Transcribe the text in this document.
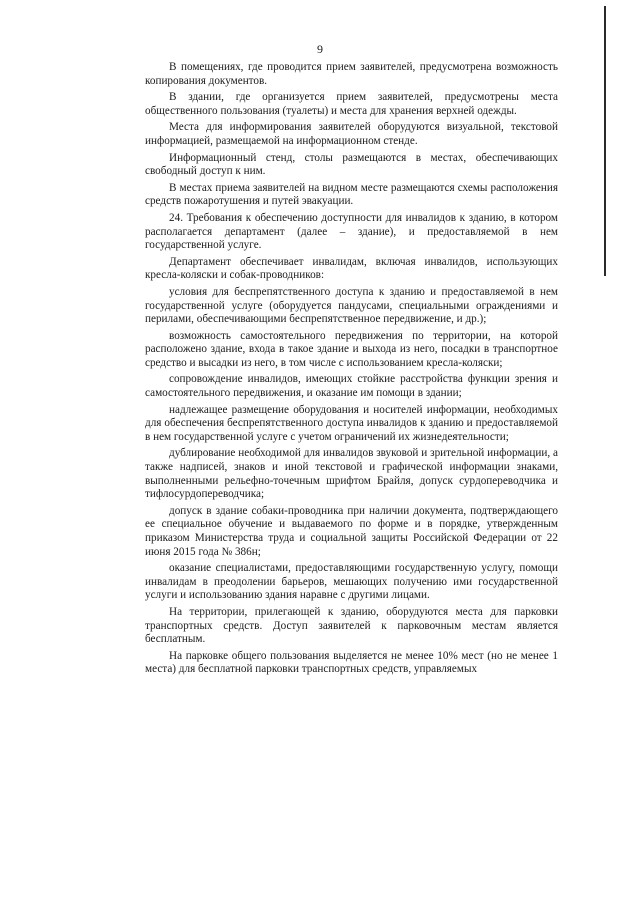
9

В помещениях, где проводится прием заявителей, предусмотрена возможность копирования документов.

В здании, где организуется прием заявителей, предусмотрены места общественного пользования (туалеты) и места для хранения верхней одежды.

Места для информирования заявителей оборудуются визуальной, текстовой информацией, размещаемой на информационном стенде.

Информационный стенд, столы размещаются в местах, обеспечивающих свободный доступ к ним.

В местах приема заявителей на видном месте размещаются схемы расположения средств пожаротушения и путей эвакуации.

24. Требования к обеспечению доступности для инвалидов к зданию, в котором располагается департамент (далее – здание), и предоставляемой в нем государственной услуге.

Департамент обеспечивает инвалидам, включая инвалидов, использующих кресла-коляски и собак-проводников:

условия для беспрепятственного доступа к зданию и предоставляемой в нем государственной услуге (оборудуется пандусами, специальными ограждениями и перилами, обеспечивающими беспрепятственное передвижение, и др.);

возможность самостоятельного передвижения по территории, на которой расположено здание, входа в такое здание и выхода из него, посадки в транспортное средство и высадки из него, в том числе с использованием кресла-коляски;

сопровождение инвалидов, имеющих стойкие расстройства функции зрения и самостоятельного передвижения, и оказание им помощи в здании;

надлежащее размещение оборудования и носителей информации, необходимых для обеспечения беспрепятственного доступа инвалидов к зданию и предоставляемой в нем государственной услуге с учетом ограничений их жизнедеятельности;

дублирование необходимой для инвалидов звуковой и зрительной информации, а также надписей, знаков и иной текстовой и графической информации знаками, выполненными рельефно-точечным шрифтом Брайля, допуск сурдопереводчика и тифлосурдопереводчика;

допуск в здание собаки-проводника при наличии документа, подтверждающего ее специальное обучение и выдаваемого по форме и в порядке, утвержденным приказом Министерства труда и социальной защиты Российской Федерации от 22 июня 2015 года № 386н;

оказание специалистами, предоставляющими государственную услугу, помощи инвалидам в преодолении барьеров, мешающих получению ими государственной услуги и использованию здания наравне с другими лицами.

На территории, прилегающей к зданию, оборудуются места для парковки транспортных средств. Доступ заявителей к парковочным местам является бесплатным.

На парковке общего пользования выделяется не менее 10% мест (но не менее 1 места) для бесплатной парковки транспортных средств, управляемых
